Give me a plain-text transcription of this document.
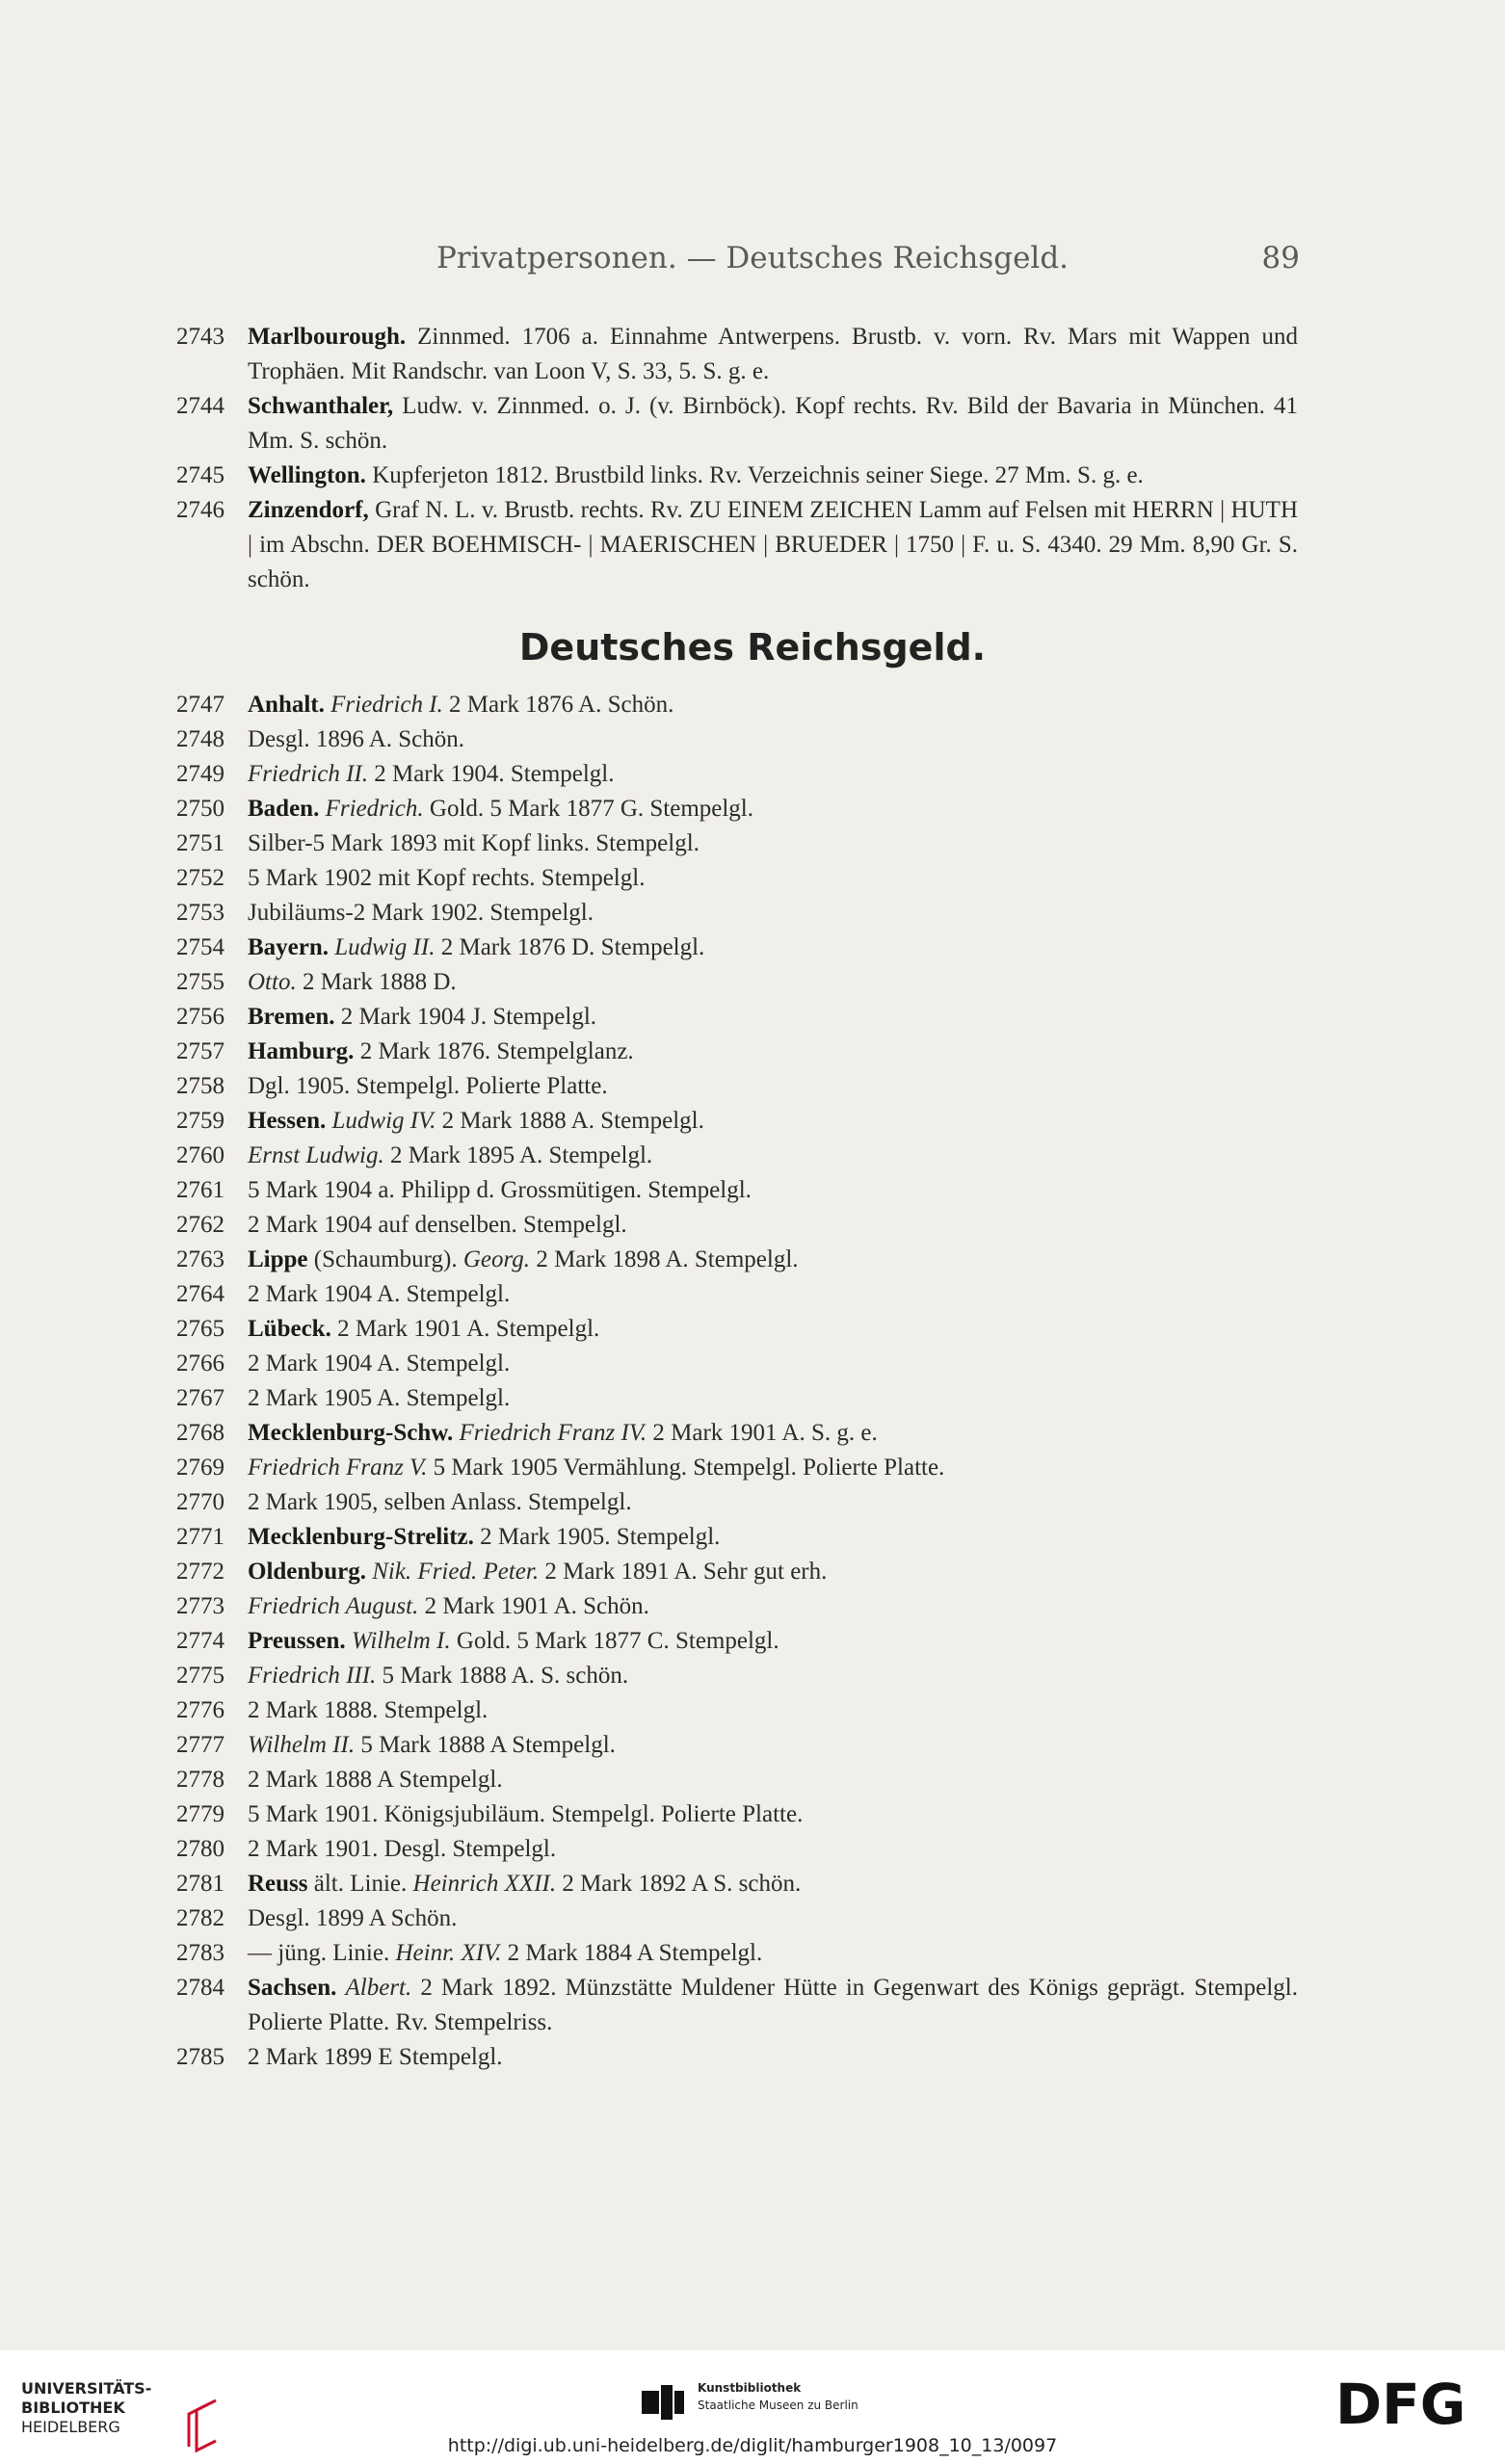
Privatpersonen. — Deutsches Reichsgeld.	89
2743 Marlbourough. Zinnmed. 1706 a. Einnahme Antwerpens. Brustb. v. vorn. Rv. Mars mit Wappen und Trophäen. Mit Randschr. van Loon V, S. 33, 5. S. g. e.
2744 Schwanthaler, Ludw. v. Zinnmed. o. J. (v. Birnböck). Kopf rechts. Rv. Bild der Bavaria in München. 41 Mm. S. schön.
2745 Wellington. Kupferjeton 1812. Brustbild links. Rv. Verzeichnis seiner Siege. 27 Mm. S. g. e.
2746 Zinzendorf, Graf N. L. v. Brustb. rechts. Rv. ZU EINEM ZEICHEN Lamm auf Felsen mit HERRN | HUTH | im Abschn. DER BOEHMISCH- | MAERISCHEN | BRUEDER | 1750 | F. u. S. 4340. 29 Mm. 8,90 Gr. S. schön.
Deutsches Reichsgeld.
2747 Anhalt. Friedrich I. 2 Mark 1876 A. Schön.
2748 Desgl. 1896 A. Schön.
2749 Friedrich II. 2 Mark 1904. Stempelgl.
2750 Baden. Friedrich. Gold. 5 Mark 1877 G. Stempelgl.
2751 Silber-5 Mark 1893 mit Kopf links. Stempelgl.
2752 5 Mark 1902 mit Kopf rechts. Stempelgl.
2753 Jubiläums-2 Mark 1902. Stempelgl.
2754 Bayern. Ludwig II. 2 Mark 1876 D. Stempelgl.
2755 Otto. 2 Mark 1888 D.
2756 Bremen. 2 Mark 1904 J. Stempelgl.
2757 Hamburg. 2 Mark 1876. Stempelglanz.
2758 Dgl. 1905. Stempelgl. Polierte Platte.
2759 Hessen. Ludwig IV. 2 Mark 1888 A. Stempelgl.
2760 Ernst Ludwig. 2 Mark 1895 A. Stempelgl.
2761 5 Mark 1904 a. Philipp d. Grossmütigen. Stempelgl.
2762 2 Mark 1904 auf denselben. Stempelgl.
2763 Lippe (Schaumburg). Georg. 2 Mark 1898 A. Stempelgl.
2764 2 Mark 1904 A. Stempelgl.
2765 Lübeck. 2 Mark 1901 A. Stempelgl.
2766 2 Mark 1904 A. Stempelgl.
2767 2 Mark 1905 A. Stempelgl.
2768 Mecklenburg-Schw. Friedrich Franz IV. 2 Mark 1901 A. S. g. e.
2769 Friedrich Franz V. 5 Mark 1905 Vermählung. Stempelgl. Polierte Platte.
2770 2 Mark 1905, selben Anlass. Stempelgl.
2771 Mecklenburg-Strelitz. 2 Mark 1905. Stempelgl.
2772 Oldenburg. Nik. Fried. Peter. 2 Mark 1891 A. Sehr gut erh.
2773 Friedrich August. 2 Mark 1901 A. Schön.
2774 Preussen. Wilhelm I. Gold. 5 Mark 1877 C. Stempelgl.
2775 Friedrich III. 5 Mark 1888 A. S. schön.
2776 2 Mark 1888. Stempelgl.
2777 Wilhelm II. 5 Mark 1888 A Stempelgl.
2778 2 Mark 1888 A Stempelgl.
2779 5 Mark 1901. Königsjubiläum. Stempelgl. Polierte Platte.
2780 2 Mark 1901. Desgl. Stempelgl.
2781 Reuss ält. Linie. Heinrich XXII. 2 Mark 1892 A S. schön.
2782 Desgl. 1899 A Schön.
2783 — jüng. Linie. Heinr. XIV. 2 Mark 1884 A Stempelgl.
2784 Sachsen. Albert. 2 Mark 1892. Münzstätte Muldener Hütte in Gegenwart des Königs geprägt. Stempelgl. Polierte Platte. Rv. Stempelriss.
2785 2 Mark 1899 E Stempelgl.
UNIVERSITÄTS-
BIBLIOTHEK
HEIDELBERG
Kunstbibliothek
Staatliche Museen zu Berlin	DFG
http://digi.ub.uni-heidelberg.de/diglit/hamburger1908_10_13/0097
